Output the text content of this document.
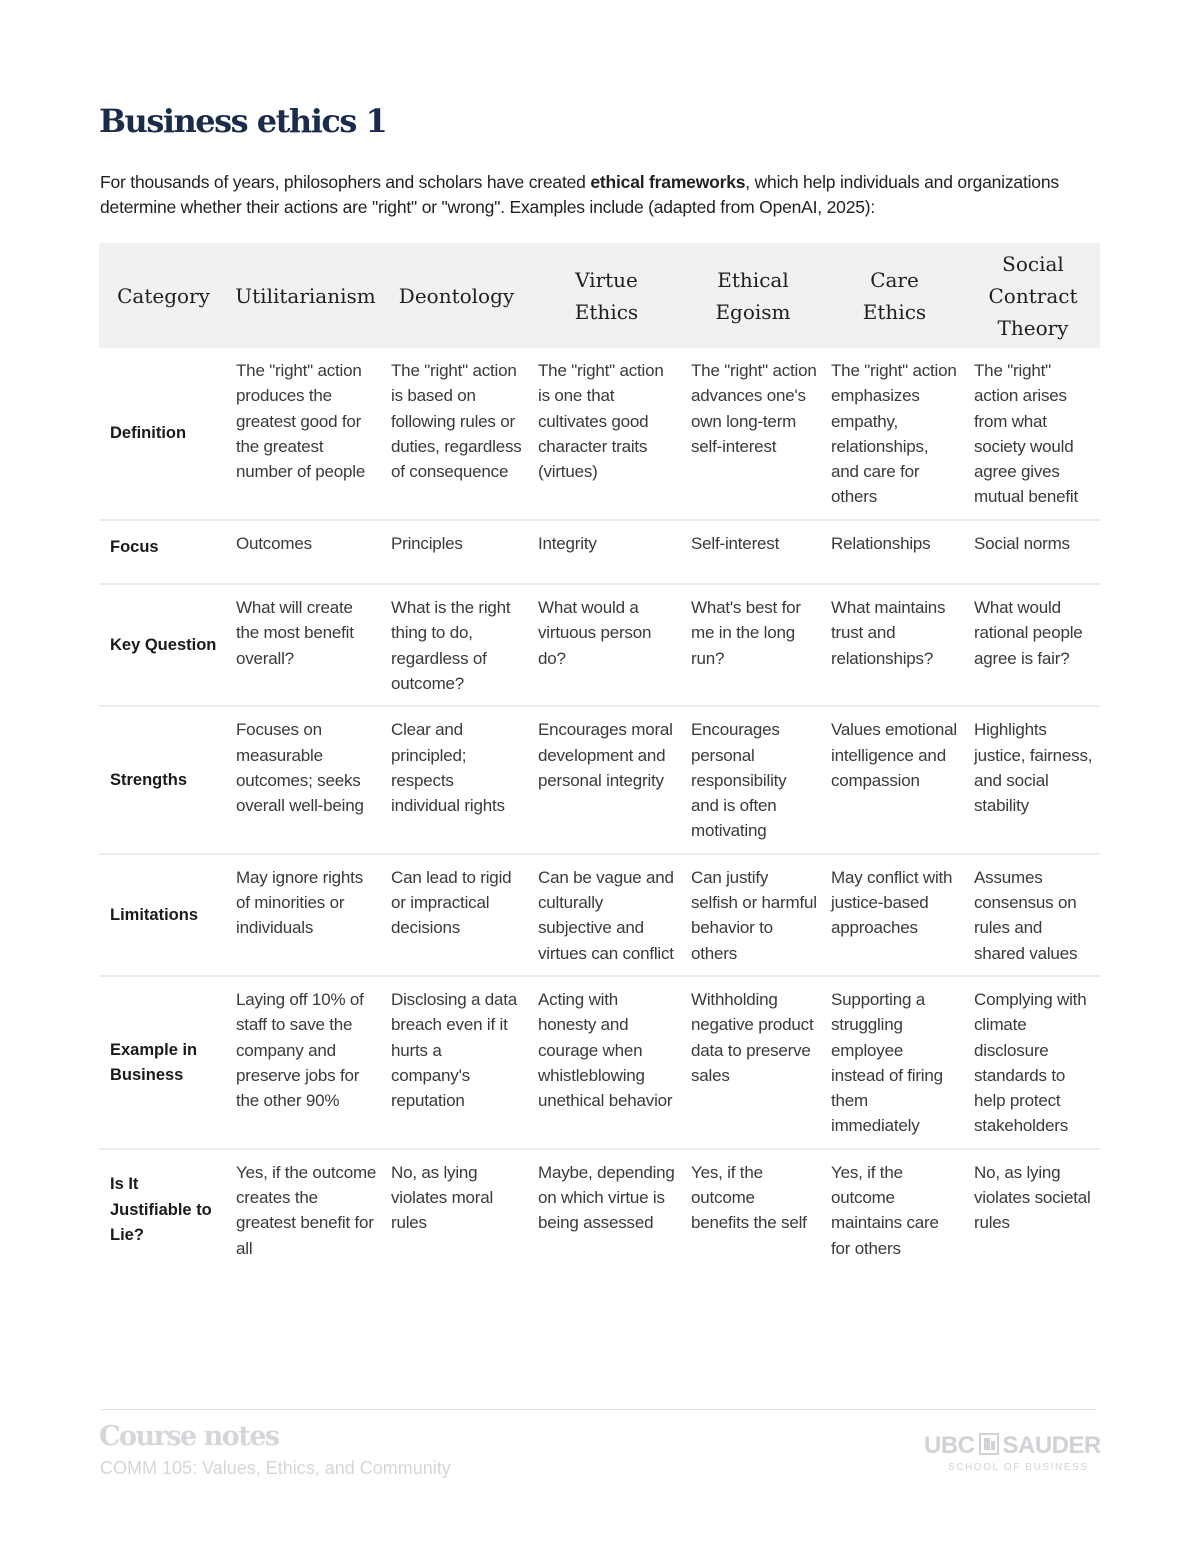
Business ethics 1
For thousands of years, philosophers and scholars have created ethical frameworks, which help individuals and organizations determine whether their actions are "right" or "wrong". Examples include (adapted from OpenAI, 2025):
Category	Utilitarianism	Deontology	Virtue Ethics	Ethical Egoism	Care Ethics	Social Contract Theory
Definition	The "right" action produces the greatest good for the greatest number of people	The "right" action is based on following rules or duties, regardless of consequence	The "right" action is one that cultivates good character traits (virtues)	The "right" action advances one's own long-term self-interest	The "right" action emphasizes empathy, relationships, and care for others	The "right" action arises from what society would agree gives mutual benefit
Focus	Outcomes	Principles	Integrity	Self-interest	Relationships	Social norms
Key Question	What will create the most benefit overall?	What is the right thing to do, regardless of outcome?	What would a virtuous person do?	What's best for me in the long run?	What maintains trust and relationships?	What would rational people agree is fair?
Strengths	Focuses on measurable outcomes; seeks overall well-being	Clear and principled; respects individual rights	Encourages moral development and personal integrity	Encourages personal responsibility and is often motivating	Values emotional intelligence and compassion	Highlights justice, fairness, and social stability
Limitations	May ignore rights of minorities or individuals	Can lead to rigid or impractical decisions	Can be vague and culturally subjective and virtues can conflict	Can justify selfish or harmful behavior to others	May conflict with justice-based approaches	Assumes consensus on rules and shared values
Example in Business	Laying off 10% of staff to save the company and preserve jobs for the other 90%	Disclosing a data breach even if it hurts a company's reputation	Acting with honesty and courage when whistleblowing unethical behavior	Withholding negative product data to preserve sales	Supporting a struggling employee instead of firing them immediately	Complying with climate disclosure standards to help protect stakeholders
Is It Justifiable to Lie?	Yes, if the outcome creates the greatest benefit for all	No, as lying violates moral rules	Maybe, depending on which virtue is being assessed	Yes, if the outcome benefits the self	Yes, if the outcome maintains care for others	No, as lying violates societal rules
Course notes
COMM 105: Values, Ethics, and Community
UBC SAUDER
SCHOOL OF BUSINESS
